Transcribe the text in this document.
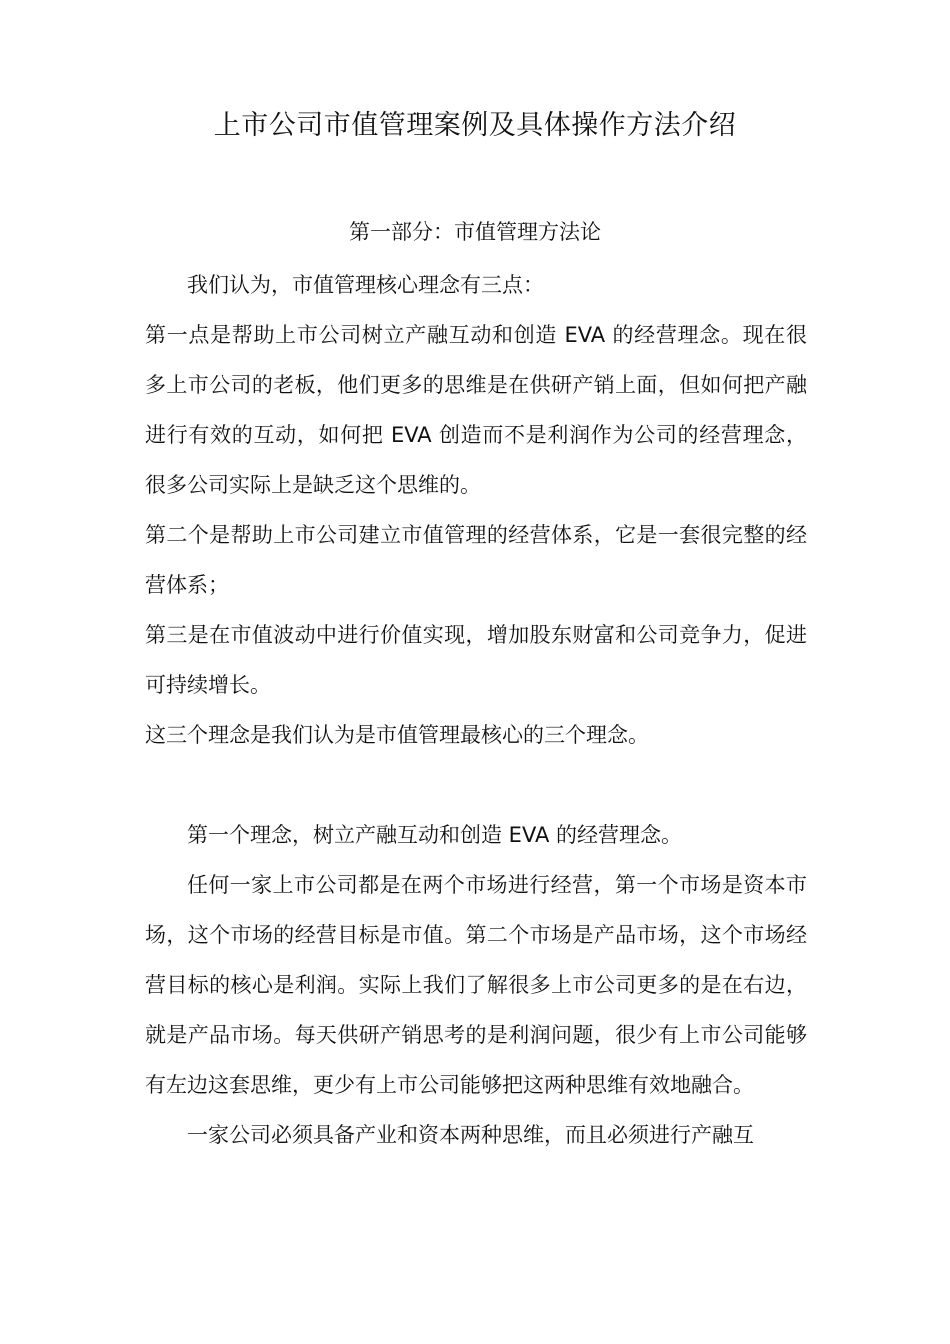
上市公司市值管理案例及具体操作方法介绍
第一部分：市值管理方法论

我们认为，市值管理核心理念有三点：

第一点是帮助上市公司树立产融互动和创造 EVA 的经营理念。现在很多上市公司的老板，他们更多的思维是在供研产销上面，但如何把产融进行有效的互动，如何把 EVA 创造而不是利润作为公司的经营理念，很多公司实际上是缺乏这个思维的。

第二个是帮助上市公司建立市值管理的经营体系，它是一套很完整的经营体系；

第三是在市值波动中进行价值实现，增加股东财富和公司竞争力，促进可持续增长。

这三个理念是我们认为是市值管理最核心的三个理念。

第一个理念，树立产融互动和创造 EVA 的经营理念。

任何一家上市公司都是在两个市场进行经营，第一个市场是资本市场，这个市场的经营目标是市值。第二个市场是产品市场，这个市场经营目标的核心是利润。实际上我们了解很多上市公司更多的是在右边，就是产品市场。每天供研产销思考的是利润问题，很少有上市公司能够有左边这套思维，更少有上市公司能够把这两种思维有效地融合。

一家公司必须具备产业和资本两种思维，而且必须进行产融互
